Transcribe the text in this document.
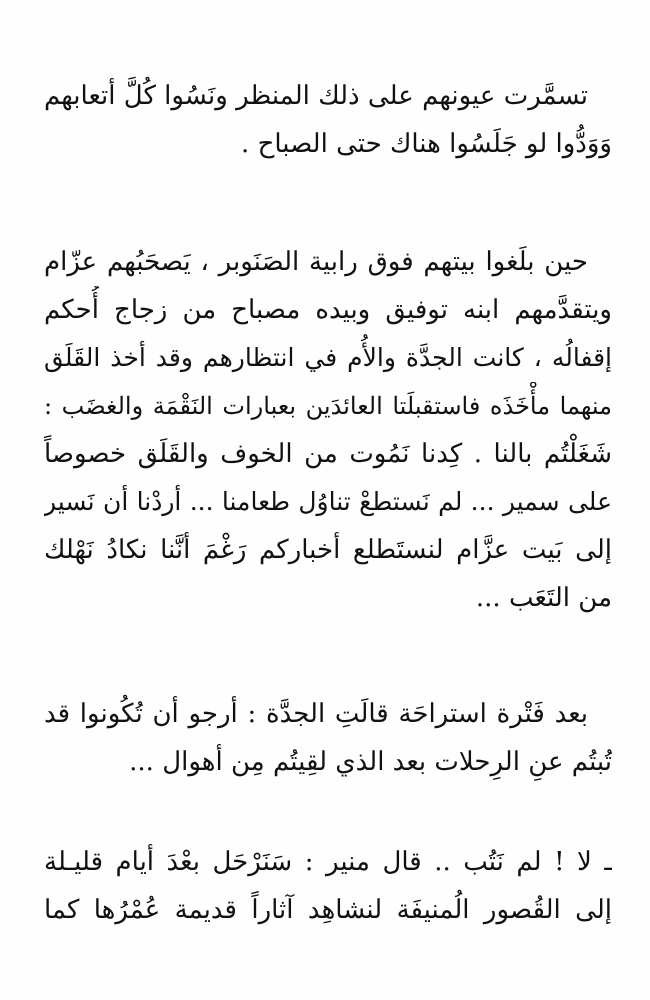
تسمَّرت عيونهم على ذلك المنظر ونَسُوا كُلَّ أتعابهم
وَوَدُّوا لو جَلَسُوا هناك حتى الصباح .
حين بلَغوا بيتهم فوق رابية الصَنَوبر ، يَصحَبُهم عزّام
ويتقدَّمهم ابنه توفيق وبيده مصباح من زجاج أُحكم
إقفالُه ، كانت الجدَّة والأُم في انتظارهم وقد أخذ القَلَق
منهما مأْخَذَه فاستقبلَتا العائدَين بعبارات النَقْمَة والغضَب :
شَغَلْتُم بالنا . كِدنا نَمُوت من الخوف والقَلَق خصوصاً
على سمير ... لم نَستطعْ تناوُل طعامنا ... أردْنا أن نَسير
إلى بَيت عزَّام لنستَطلع أخباركم رَغْمَ أنَّنا نكادُ نَهْلك
من التَعَب ...
بعد فَتْرة استراحَة قالَتِ الجدَّة : أرجو أن تُكُونوا قد
تُبتُم عنِ الرِحلات بعد الذي لقِيتُم مِن أهوال ...
ـ لا ! لم نَتُب .. قال منير : سَنَرْحَل بعْدَ أيام قليـلة
إلى القُصور الُمنيفَة لنشاهِد آثاراً قديمة عُمْرُها كما
